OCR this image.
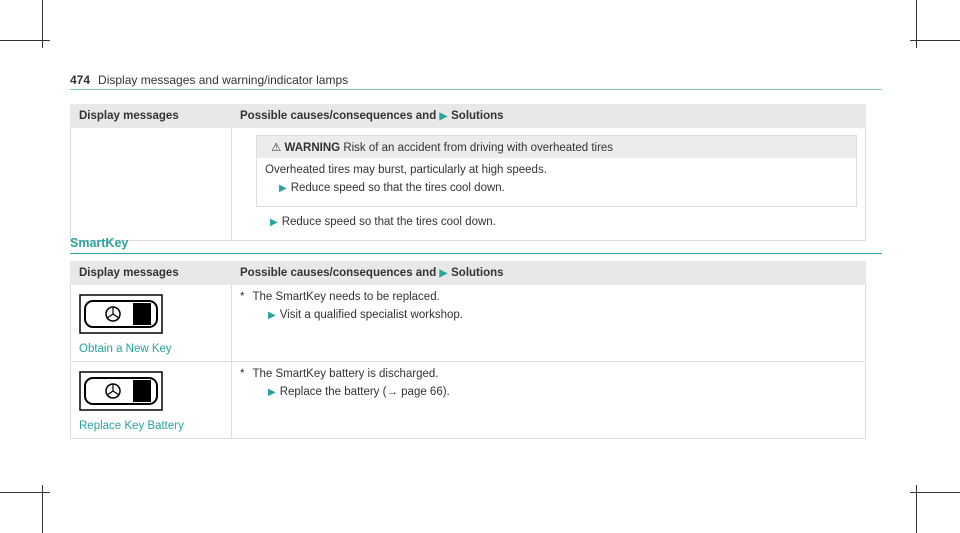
474 Display messages and warning/indicator lamps
Display messages	Possible causes/consequences and ▶ Solutions

	⚠ WARNING Risk of an accident from driving with overheated tires
Overheated tires may burst, particularly at high speeds.
▶ Reduce speed so that the tires cool down.
▶ Reduce speed so that the tires cool down.
SmartKey
Display messages	Possible causes/consequences and ▶ Solutions

Obtain a New Key	* The SmartKey needs to be replaced.
▶ Visit a qualified specialist workshop.

Replace Key Battery	* The SmartKey battery is discharged.
▶ Replace the battery (→ page 66).
